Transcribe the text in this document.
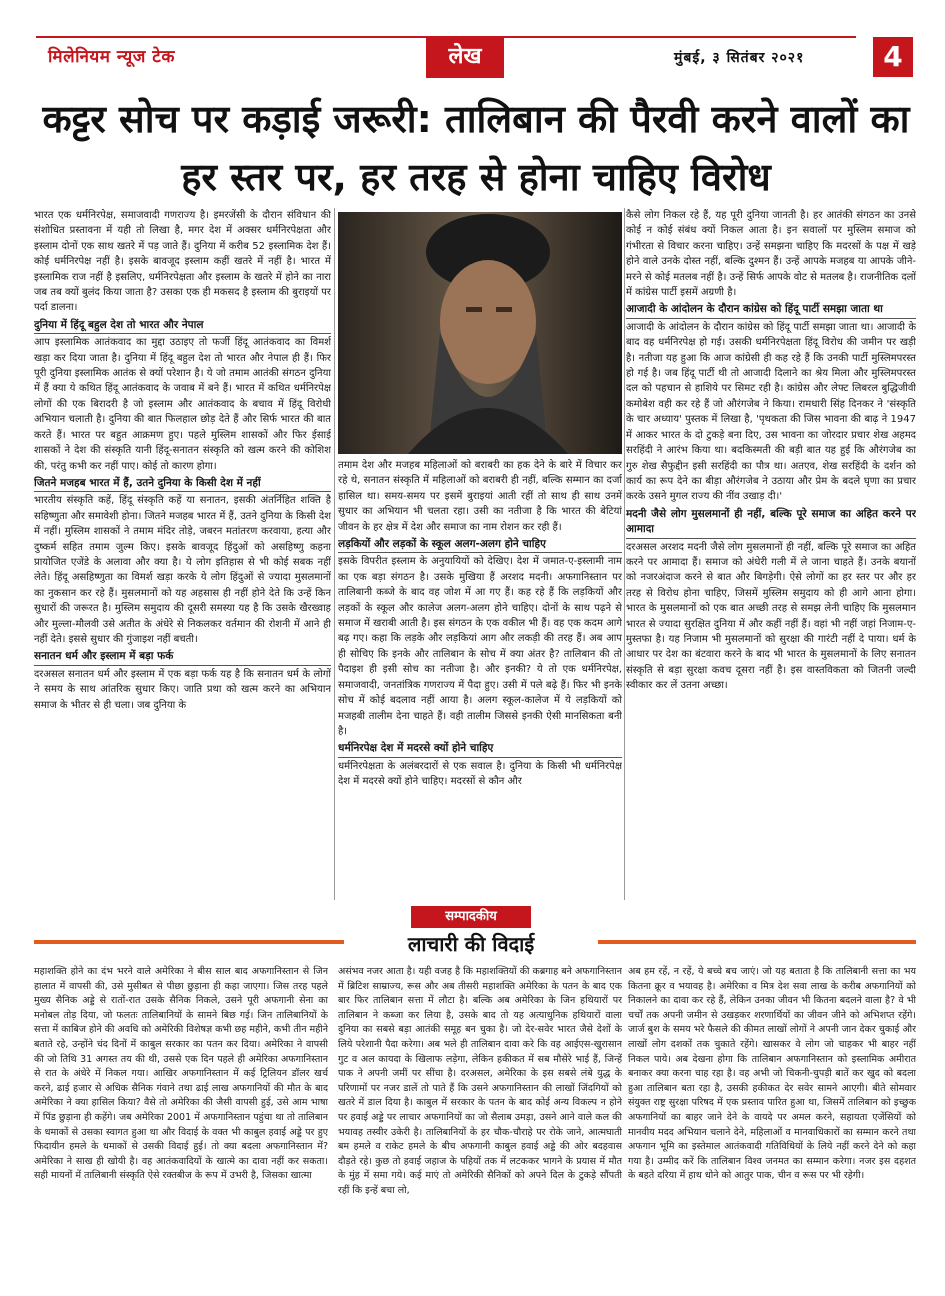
मिलेनियम न्यूज टेक	लेख	मुंबई, ३ सितंबर २०२१	4
कट्टर सोच पर कड़ाई जरूरी: तालिबान की पैरवी करने वालों का हर स्तर पर, हर तरह से होना चाहिए विरोध

भारत एक धर्मनिरपेक्ष, समाजवादी गणराज्य है। इमरजेंसी के दौरान संविधान की संशोधित प्रस्तावना में यही तो लिखा है, मगर देश में अक्सर धर्मनिरपेक्षता और इस्लाम दोनों एक साथ खतरे में पड़ जाते हैं। दुनिया में करीब 52 इस्लामिक देश हैं। कोई धर्मनिरपेक्ष नहीं है। इसके बावजूद इस्लाम कहीं खतरे में नहीं है। भारत में इस्लामिक राज नहीं है इसलिए, धर्मनिरपेक्षता और इस्लाम के खतरे में होने का नारा जब तब क्यों बुलंद किया जाता है? उसका एक ही मकसद है इस्लाम की बुराइयों पर पर्दा डालना।

दुनिया में हिंदू बहुल देश तो भारत और नेपाल

आप इस्लामिक आतंकवाद का मुद्दा उठाइए तो फर्जी हिंदू आतंकवाद का विमर्श खड़ा कर दिया जाता है। दुनिया में हिंदू बहुल देश तो भारत और नेपाल ही हैं। फिर पूरी दुनिया इस्लामिक आतंक से क्यों परेशान है। ये जो तमाम आतंकी संगठन दुनिया में हैं क्या ये कथित हिंदू आतंकवाद के जवाब में बने हैं। भारत में कथित धर्मनिरपेक्ष लोगों की एक बिरादरी है जो इस्लाम और आतंकवाद के बचाव में हिंदू विरोधी अभियान चलाती है। दुनिया की बात फिलहाल छोड़ देते हैं और सिर्फ भारत की बात करते हैं। भारत पर बहुत आक्रमण हुए। पहले मुस्लिम शासकों और फिर ईसाई शासकों ने देश की संस्कृति यानी हिंदू-सनातन संस्कृति को खत्म करने की कोशिश की, परंतु कभी कर नहीं पाए। कोई तो कारण होगा।

जितने मजहब भारत में हैं, उतने दुनिया के किसी देश में नहीं

भारतीय संस्कृति कहें, हिंदू संस्कृति कहें या सनातन, इसकी अंतर्निहित शक्ति है सहिष्णुता और समावेशी होना। जितने मजहब भारत में हैं, उतने दुनिया के किसी देश में नहीं। मुस्लिम शासकों ने तमाम मंदिर तोड़े, जबरन मतांतरण करवाया, हत्या और दुष्कर्म सहित तमाम जुल्म किए। इसके बावजूद हिंदुओं को असहिष्णु कहना प्रायोजित एजेंडे के अलावा और क्या है। ये लोग इतिहास से भी कोई सबक नहीं लेते। हिंदू असहिष्णुता का विमर्श खड़ा करके ये लोग हिंदुओं से ज्यादा मुसलमानों का नुकसान कर रहे हैं। मुसलमानों को यह अहसास ही नहीं होने देते कि उन्हें किन सुधारों की जरूरत है। मुस्लिम समुदाय की दूसरी समस्या यह है कि उसके खैरख्वाह और मुल्ला-मौलवी उसे अतीत के अंधेरे से निकलकर वर्तमान की रोशनी में आने ही नहीं देते। इससे सुधार की गुंजाइश नहीं बचती।

सनातन धर्म और इस्लाम में बड़ा फर्क

दरअसल सनातन धर्म और इस्लाम में एक बड़ा फर्क यह है कि सनातन धर्म के लोगों ने समय के साथ आंतरिक सुधार किए। जाति प्रथा को खत्म करने का अभियान समाज के भीतर से ही चला। जब दुनिया के

तमाम देश और मजहब महिलाओं को बराबरी का हक देने के बारे में विचार कर रहे थे, सनातन संस्कृति में महिलाओं को बराबरी ही नहीं, बल्कि सम्मान का दर्जा हासिल था। समय-समय पर इसमें बुराइयां आती रहीं तो साथ ही साथ उनमें सुधार का अभियान भी चलता रहा। उसी का नतीजा है कि भारत की बेटियां जीवन के हर क्षेत्र में देश और समाज का नाम रोशन कर रही हैं।

लड़कियों और लड़कों के स्कूल अलग-अलग होने चाहिए

इसके विपरीत इस्लाम के अनुयायियों को देखिए। देश में जमात-ए-इस्लामी नाम का एक बड़ा संगठन है। उसके मुखिया हैं अरशद मदनी। अफगानिस्तान पर तालिबानी कब्जे के बाद वह जोश में आ गए हैं। कह रहे हैं कि लड़कियों और लड़कों के स्कूल और कालेज अलग-अलग होने चाहिए। दोनों के साथ पढ़ने से समाज में खराबी आती है। इस संगठन के एक वकील भी हैं। वह एक कदम आगे बढ़ गए। कहा कि लड़के और लड़कियां आग और लकड़ी की तरह हैं। अब आप ही सोचिए कि इनके और तालिबान के सोच में क्या अंतर है? तालिबान की तो पैदाइश ही इसी सोच का नतीजा है। और इनकी? ये तो एक धर्मनिरपेक्ष, समाजवादी, जनतांत्रिक गणराज्य में पैदा हुए। उसी में पले बढ़े हैं। फिर भी इनके सोच में कोई बदलाव नहीं आया है। अलग स्कूल-कालेज में ये लड़कियों को मजहबी तालीम देना चाहते हैं। वही तालीम जिससे इनकी ऐसी मानसिकता बनी है।

धर्मनिरपेक्ष देश में मदरसे क्यों होने चाहिए

धर्मनिरपेक्षता के अलंबरदारों से एक सवाल है। दुनिया के किसी भी धर्मनिरपेक्ष देश में मदरसे क्यों होने चाहिए। मदरसों से कौन और

कैसे लोग निकल रहे हैं, यह पूरी दुनिया जानती है। हर आतंकी संगठन का उनसे कोई न कोई संबंध क्यों निकल आता है। इन सवालों पर मुस्लिम समाज को गंभीरता से विचार करना चाहिए। उन्हें समझना चाहिए कि मदरसों के पक्ष में खड़े होने वाले उनके दोस्त नहीं, बल्कि दुश्मन हैं। उन्हें आपके मजहब या आपके जीने-मरने से कोई मतलब नहीं है। उन्हें सिर्फ आपके वोट से मतलब है। राजनीतिक दलों में कांग्रेस पार्टी इसमें अग्रणी है।

आजादी के आंदोलन के दौरान कांग्रेस को हिंदू पार्टी समझा जाता था

आजादी के आंदोलन के दौरान कांग्रेस को हिंदू पार्टी समझा जाता था। आजादी के बाद वह धर्मनिरपेक्ष हो गई। उसकी धर्मनिरपेक्षता हिंदू विरोध की जमीन पर खड़ी है। नतीजा यह हुआ कि आज कांग्रेसी ही कह रहे हैं कि उनकी पार्टी मुस्लिमपरस्त हो गई है। जब हिंदू पार्टी थी तो आजादी दिलाने का श्रेय मिला और मुस्लिमपरस्त दल को पहचान से हाशिये पर सिमट रही है। कांग्रेस और लेफ्ट लिबरल बुद्धिजीवी कमोबेश वही कर रहे हैं जो औरंगजेब ने किया। रामधारी सिंह दिनकर ने 'संस्कृति के चार अध्याय' पुस्तक में लिखा है, 'पृथकता की जिस भावना की बाढ़ ने 1947 में आकर भारत के दो टुकड़े बना दिए, उस भावना का जोरदार प्रचार शेख अहमद सरहिंदी ने आरंभ किया था। बदकिस्मती की बड़ी बात यह हुई कि औरंगजेब का गुरु शेख सैफुद्दीन इसी सरहिंदी का पौत्र था। अतएव, शेख सरहिंदी के दर्शन को कार्य का रूप देने का बीड़ा औरंगजेब ने उठाया और प्रेम के बदले घृणा का प्रचार करके उसने मुगल राज्य की नींव उखाड़ दी।'

मदनी जैसे लोग मुसलमानों ही नहीं, बल्कि पूरे समाज का अहित करने पर आमादा

दरअसल अरशद मदनी जैसे लोग मुसलमानों ही नहीं, बल्कि पूरे समाज का अहित करने पर आमादा हैं। समाज को अंधेरी गली में ले जाना चाहते हैं। उनके बयानों को नजरअंदाज करने से बात और बिगड़ेगी। ऐसे लोगों का हर स्तर पर और हर तरह से विरोध होना चाहिए, जिसमें मुस्लिम समुदाय को ही आगे आना होगा। भारत के मुसलमानों को एक बात अच्छी तरह से समझ लेनी चाहिए कि मुसलमान भारत से ज्यादा सुरक्षित दुनिया में और कहीं नहीं हैं। वहां भी नहीं जहां निजाम-ए-मुस्तफा है। यह निजाम भी मुसलमानों को सुरक्षा की गारंटी नहीं दे पाया। धर्म के आधार पर देश का बंटवारा करने के बाद भी भारत के मुसलमानों के लिए सनातन संस्कृति से बड़ा सुरक्षा कवच दूसरा नहीं है। इस वास्तविकता को जितनी जल्दी स्वीकार कर लें उतना अच्छा।

सम्पादकीय
लाचारी की विदाई

महाशक्ति होने का दंभ भरने वाले अमेरिका ने बीस साल बाद अफगानिस्तान से जिन हालात में वापसी की, उसे मुसीबत से पीछा छुड़ाना ही कहा जाएगा। जिस तरह पहले मुख्य सैनिक अड्डे से रातों-रात उसके सैनिक निकले, उसने पूरी अफगानी सेना का मनोबल तोड़ दिया, जो फलतः तालिबानियों के सामने बिछ गई। जिन तालिबानियों के सत्ता में काबिज होने की अवधि को अमेरिकी विशेषज्ञ कभी छह महीने, कभी तीन महीने बताते रहे, उन्होंने चंद दिनों में काबुल सरकार का पतन कर दिया। अमेरिका ने वापसी की जो तिथि 31 अगस्त तय की थी, उससे एक दिन पहले ही अमेरिका अफगानिस्तान से रात के अंधेरे में निकल गया। आखिर अफगानिस्तान में कई ट्रिलियन डॉलर खर्च करने, ढाई हजार से अधिक सैनिक गंवाने तथा ढाई लाख अफगानियों की मौत के बाद अमेरिका ने क्या हासिल किया? वैसे तो अमेरिका की जैसी वापसी हुई, उसे आम भाषा में पिंड छुड़ाना ही कहेंगे। जब अमेरिका 2001 में अफगानिस्तान पहुंचा था तो तालिबान के धमाकों से उसका स्वागत हुआ था और विदाई के वक्त भी काबुल हवाई अड्डे पर हुए फिदायीन हमले के धमाकों से उसकी विदाई हुई। तो क्या बदला अफगानिस्तान में? अमेरिका ने साख ही खोयी है। वह आतंकवादियों के खात्मे का दावा नहीं कर सकता। सही मायनों में तालिबानी संस्कृति ऐसे रक्तबीज के रूप में उभरी है, जिसका खात्मा

असंभव नजर आता है। यही वजह है कि महाशक्तियों की कब्रगाह बने अफगानिस्तान में ब्रिटिश साम्राज्य, रूस और अब तीसरी महाशक्ति अमेरिका के पतन के बाद एक बार फिर तालिबान सत्ता में लौटा है। बल्कि अब अमेरिका के जिन हथियारों पर तालिबान ने कब्जा कर लिया है, उसके बाद तो यह अत्याधुनिक हथियारों वाला दुनिया का सबसे बड़ा आतंकी समूह बन चुका है। जो देर-सवेर भारत जैसे देशों के लिये परेशानी पैदा करेगा। अब भले ही तालिबान दावा करे कि वह आईएस-खुरासान गुट व अल कायदा के खिलाफ लड़ेगा, लेकिन हकीकत में सब मौसेरे भाई हैं, जिन्हें पाक ने अपनी जमीं पर सींचा है। दरअसल, अमेरिका के इस सबसे लंबे युद्ध के परिणामों पर नजर डालें तो पाते हैं कि उसने अफगानिस्तान की लाखों जिंदगियों को खतरे में डाल दिया है। काबुल में सरकार के पतन के बाद कोई अन्य विकल्प न होने पर हवाई अड्डे पर लाचार अफगानियों का जो सैलाब उमड़ा, उसने आने वाले कल की भयावह तस्वीर उकेरी है। तालिबानियों के हर चौक-चौराहे पर रोके जाने, आत्मघाती बम हमले व राकेट हमले के बीच अफगानी काबुल हवाई अड्डे की ओर बदहवास दौड़ते रहे। कुछ तो हवाई जहाज के पहियों तक में लटककर भागने के प्रयास में मौत के मुंह में समा गये। कई माएं तो अमेरिकी सैनिकों को अपने दिल के टुकड़े सौंपती रहीं कि इन्हें बचा लो,

अब हम रहें, न रहें, ये बच्चे बच जाएं। जो यह बताता है कि तालिबानी सत्ता का भय कितना क्रूर व भयावह है। अमेरिका व मित्र देश सवा लाख के करीब अफगानियों को निकालने का दावा कर रहे हैं, लेकिन उनका जीवन भी कितना बदलने वाला है? वे भी चर्चों तक अपनी जमीन से उखड़कर शरणार्थियों का जीवन जीने को अभिशप्त रहेंगे। जार्ज बुश के समय भरे फैसले की कीमत लाखों लोगों ने अपनी जान देकर चुकाई और लाखों लोग दशकों तक चुकाते रहेंगे। खासकर वे लोग जो चाहकर भी बाहर नहीं निकल पाये। अब देखना होगा कि तालिबान अफगानिस्तान को इस्लामिक अमीरात बनाकर क्या करना चाह रहा है। वह अभी जो चिकनी-चुपड़ी बातें कर खुद को बदला हुआ तालिबान बता रहा है, उसकी हकीकत देर सवेर सामने आएगी। बीते सोमवार संयुक्त राष्ट्र सुरक्षा परिषद में एक प्रस्ताव पारित हुआ था, जिसमें तालिबान को इच्छुक अफगानियों का बाहर जाने देने के वायदे पर अमल करने, सहायता एजेंसियों को मानवीय मदद अभियान चलाने देने, महिलाओं व मानवाधिकारों का सम्मान करने तथा अफगान भूमि का इस्तेमाल आतंकवादी गतिविधियों के लिये नहीं करने देने को कहा गया है। उम्मीद करें कि तालिबान विश्व जनमत का सम्मान करेगा। नजर इस दहशत के बहते दरिया में हाथ धोने को आतुर पाक, चीन व रूस पर भी रहेगी।
